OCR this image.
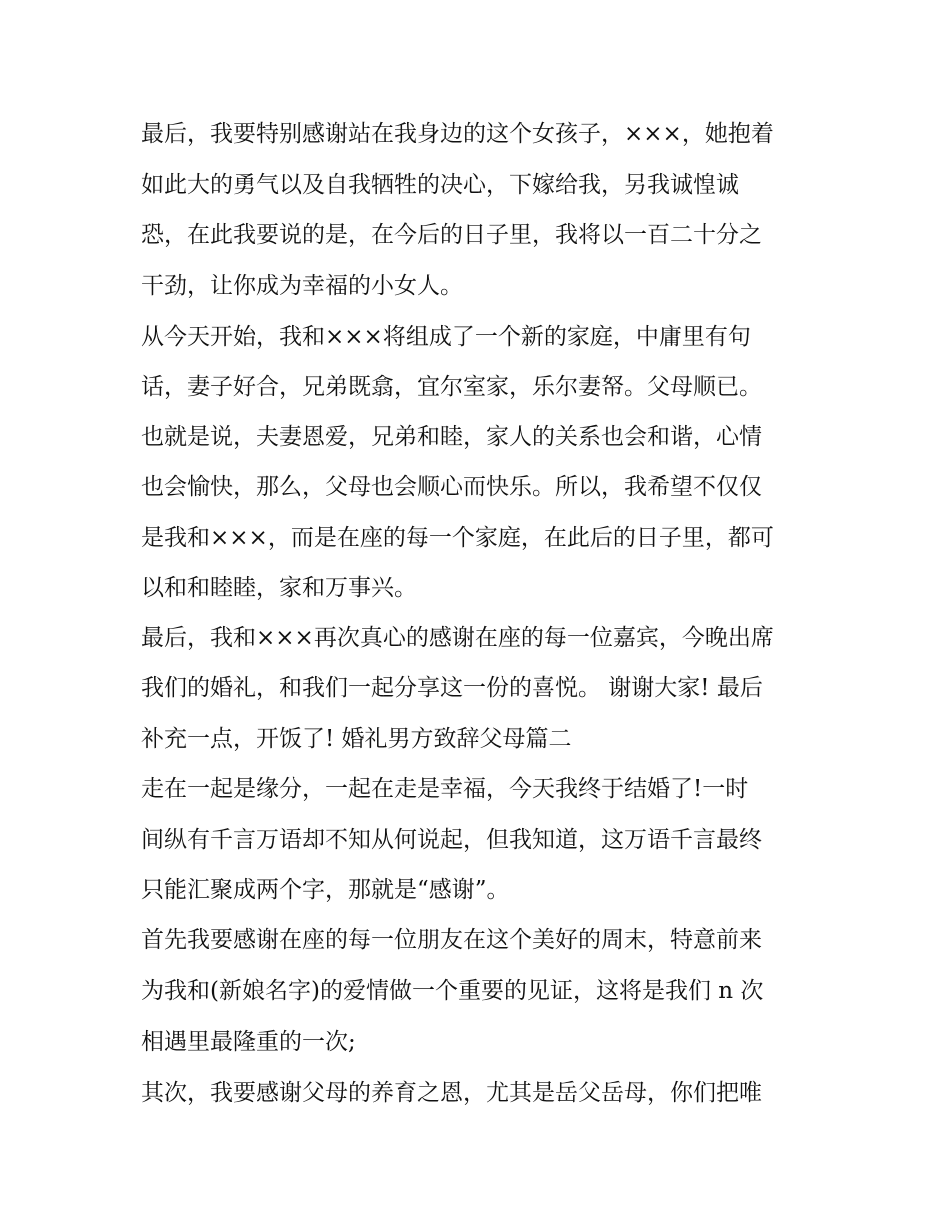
最后，我要特别感谢站在我身边的这个女孩子，×××，她抱着
如此大的勇气以及自我牺牲的决心，下嫁给我，另我诚惶诚
恐，在此我要说的是，在今后的日子里，我将以一百二十分之
干劲，让你成为幸福的小女人。
从今天开始，我和×××将组成了一个新的家庭，中庸里有句
话，妻子好合，兄弟既翕，宜尔室家，乐尔妻帑。父母顺已。
也就是说，夫妻恩爱，兄弟和睦，家人的关系也会和谐，心情
也会愉快，那么，父母也会顺心而快乐。所以，我希望不仅仅
是我和×××，而是在座的每一个家庭，在此后的日子里，都可
以和和睦睦，家和万事兴。
最后，我和×××再次真心的感谢在座的每一位嘉宾，今晚出席
我们的婚礼，和我们一起分享这一份的喜悦。 谢谢大家! 最后
补充一点，开饭了! 婚礼男方致辞父母篇二
走在一起是缘分，一起在走是幸福，今天我终于结婚了!一时
间纵有千言万语却不知从何说起，但我知道，这万语千言最终
只能汇聚成两个字，那就是“感谢”。
首先我要感谢在座的每一位朋友在这个美好的周末，特意前来
为我和(新娘名字)的爱情做一个重要的见证，这将是我们 n 次
相遇里最隆重的一次;
其次，我要感谢父母的养育之恩，尤其是岳父岳母，你们把唯
